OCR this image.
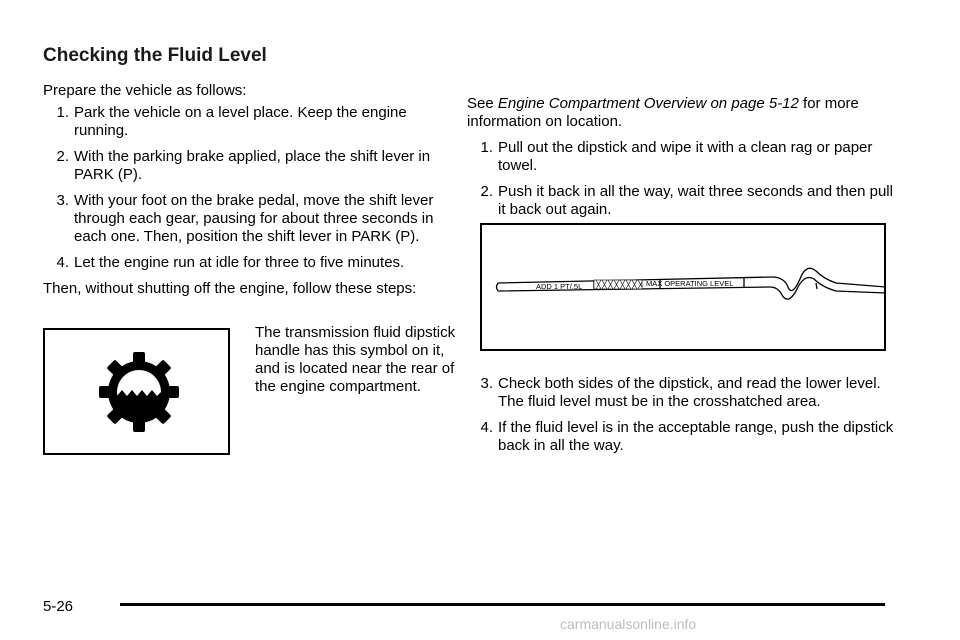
Checking the Fluid Level

Prepare the vehicle as follows:

1. Park the vehicle on a level place. Keep the engine running.
2. With the parking brake applied, place the shift lever in PARK (P).
3. With your foot on the brake pedal, move the shift lever through each gear, pausing for about three seconds in each one. Then, position the shift lever in PARK (P).
4. Let the engine run at idle for three to five minutes.

Then, without shutting off the engine, follow these steps:

The transmission fluid dipstick handle has this symbol on it, and is located near the rear of the engine compartment.

See Engine Compartment Overview on page 5-12 for more information on location.

1. Pull out the dipstick and wipe it with a clean rag or paper towel.
2. Push it back in all the way, wait three seconds and then pull it back out again.
ADD 1 PT/.5L	MAX OPERATING LEVEL
3. Check both sides of the dipstick, and read the lower level. The fluid level must be in the crosshatched area.
4. If the fluid level is in the acceptable range, push the dipstick back in all the way.
5-26
carmanualsonline.info
